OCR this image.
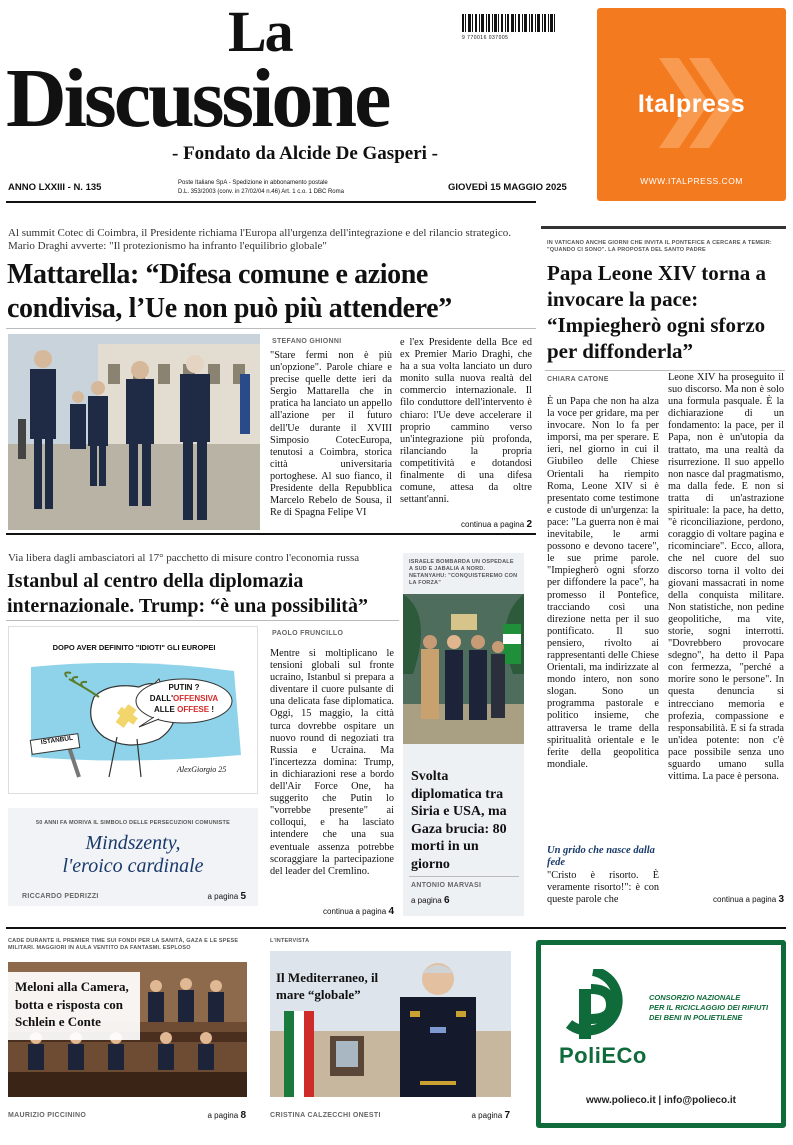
La
Discussione
- Fondato da Alcide De Gasperi -
9 770016 037005
Italpress
WWW.ITALPRESS.COM
ANNO LXXIII - N. 135	Poste Italiane SpA - Spedizione in abbonamento postale
D.L. 353/2003 (conv. in 27/02/04 n.46) Art. 1 c.o. 1 DBC Roma	GIOVEDÌ 15 MAGGIO 2025
Al summit Cotec di Coimbra, il Presidente richiama l'Europa all'urgenza dell'integrazione e del rilancio strategico. Mario Draghi avverte: "Il protezionismo ha infranto l'equilibrio globale"
Mattarella: “Difesa comune e azione condivisa, l’Ue non può più attendere”
STEFANO GHIONNI
"Stare fermi non è più un'opzione". Parole chiare e precise quelle dette ieri da Sergio Mattarella che in pratica ha lanciato un appello all'azione per il futuro dell'Ue durante il XVIII Simposio CotecEuropa, tenutosi a Coimbra, storica città universitaria portoghese. Al suo fianco, il Presidente della Repubblica Marcelo Rebelo de Sousa, il Re di Spagna Felipe VI
e l'ex Presidente della Bce ed ex Premier Mario Draghi, che ha a sua volta lanciato un duro monito sulla nuova realtà del commercio internazionale. Il filo conduttore dell'intervento è chiaro: l'Ue deve accelerare il proprio cammino verso un'integrazione più profonda, rilanciando la propria competitività e dotandosi finalmente di una difesa comune, attesa da oltre settant'anni.
continua a pagina 2
IN VATICANO ANCHE GIORNI CHE INVITA IL PONTEFICE A CERCARE A TEMEIR: "QUANDO CI SONO". LA PROPOSTA DEL SANTO PADRE
Papa Leone XIV torna a invocare la pace: “Impiegherò ogni sforzo per diffonderla”
CHIARA CATONE
È un Papa che non ha alza la voce per gridare, ma per invocare. Non lo fa per imporsi, ma per sperare. E ieri, nel giorno in cui il Giubileo delle Chiese Orientali ha riempito Roma, Leone XIV si è presentato come testimone e custode di un'urgenza: la pace: "La guerra non è mai inevitabile, le armi possono e devono tacere", le sue prime parole. "Impiegherò ogni sforzo per diffondere la pace", ha promesso il Pontefice, tracciando così una direzione netta per il suo pontificato. Il suo pensiero, rivolto ai rappresentanti delle Chiese Orientali, ma indirizzate al mondo intero, non sono slogan. Sono un programma pastorale e politico insieme, che attraversa le trame della spiritualità orientale e le ferite della geopolitica mondiale.
Un grido che nasce dalla fede
"Cristo è risorto. È veramente risorto!": è con queste parole che
Leone XIV ha proseguito il suo discorso. Ma non è solo una formula pasquale. È la dichiarazione di un fondamento: la pace, per il Papa, non è un'utopia da trattato, ma una realtà da risurrezione. Il suo appello non nasce dal pragmatismo, ma dalla fede. E non si tratta di un'astrazione spirituale: la pace, ha detto, "è riconciliazione, perdono, coraggio di voltare pagina e ricominciare". Ecco, allora, che nel cuore del suo discorso torna il volto dei giovani massacrati in nome della conquista militare. Non statistiche, non pedine geopolitiche, ma vite, storie, sogni interrotti. "Dovrebbero provocare sdegno", ha detto il Papa con fermezza, "perché a morire sono le persone". In questa denuncia si intrecciano memoria e profezia, compassione e responsabilità. E si fa strada un'idea potente: non c'è pace possibile senza uno sguardo umano sulla vittima. La pace è persona.
continua a pagina 3
Via libera dagli ambasciatori al 17° pacchetto di misure contro l'economia russa
Istanbul al centro della diplomazia internazionale. Trump: “è una possibilità”
DOPO AVER DEFINITO "IDIOTI" GLI EUROPEI
PUTIN ?
DALL'OFFENSIVA
ALLE OFFESE !
ISTANBUL
AlexGiorgio 25
50 ANNI FA MORIVA IL SIMBOLO DELLE PERSECUZIONI COMUNISTE
Mindszenty,
l'eroico cardinale
RICCARDO PEDRIZZI	a pagina 5
PAOLO FRUNCILLO
Mentre si moltiplicano le tensioni globali sul fronte ucraino, Istanbul si prepara a diventare il cuore pulsante di una delicata fase diplomatica. Oggi, 15 maggio, la città turca dovrebbe ospitare un nuovo round di negoziati tra Russia e Ucraina. Ma l'incertezza domina: Trump, in dichiarazioni rese a bordo dell'Air Force One, ha suggerito che Putin lo "vorrebbe presente" ai colloqui, e ha lasciato intendere che una sua eventuale assenza potrebbe scoraggiare la partecipazione del leader del Cremlino.
continua a pagina 4
ISRAELE BOMBARDA UN OSPEDALE A SUD E JABALIA A NORD. NETANYAHU: "CONQUISTEREMO CON LA FORZA"
Svolta diplomatica tra Siria e USA, ma Gaza brucia: 80 morti in un giorno
ANTONIO MARVASI
a pagina 6
CADE DURANTE IL PREMIER TIME SUI FONDI PER LA SANITÀ, GAZA E LE SPESE MILITARI. MAGGIORI IN AULA VENTITO DA FANTASMI. ESPLOSO
Meloni alla Camera, botta e risposta con Schlein e Conte
MAURIZIO PICCININO	a pagina 8
L'INTERVISTA
Il Mediterraneo, il mare “globale”
CRISTINA CALZECCHI ONESTI	a pagina 7
CONSORZIO NAZIONALE
PER IL RICICLAGGIO DEI RIFIUTI
DEI BENI IN POLIETILENE
PoliECo
www.polieco.it | info@polieco.it
